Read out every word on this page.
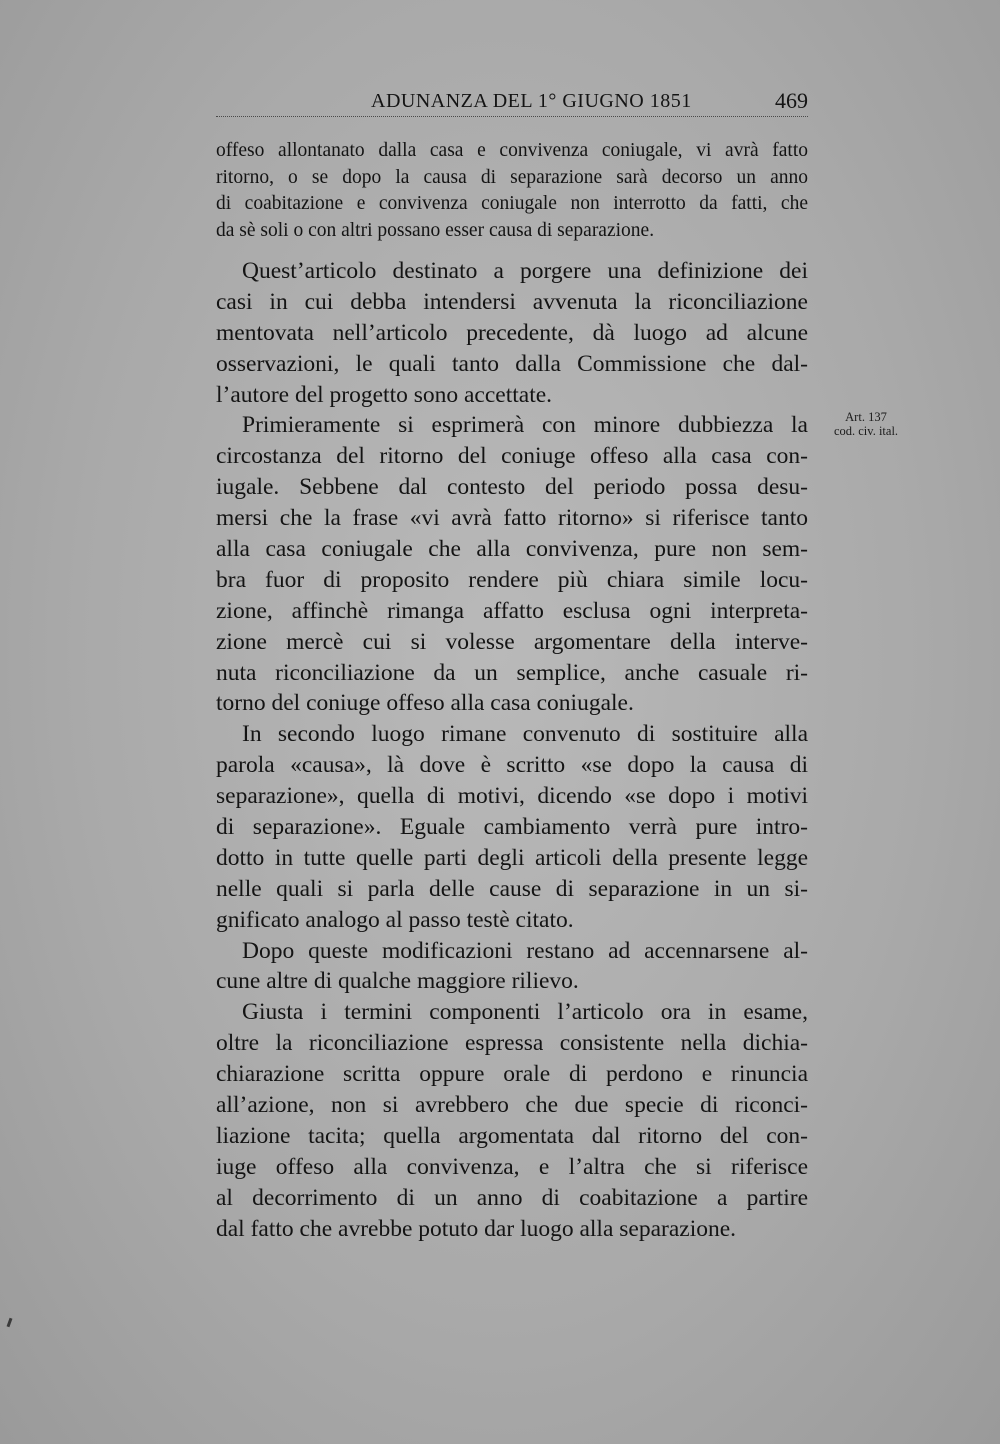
ADUNANZA DEL 1° GIUGNO 1851	469
offeso allontanato dalla casa e convivenza coniugale, vi avrà fatto
ritorno, o se dopo la causa di separazione sarà decorso un anno
di coabitazione e convivenza coniugale non interrotto da fatti, che
da sè soli o con altri possano esser causa di separazione.
Art. 137
cod. civ. ital.
Quest’articolo destinato a porgere una definizione dei
casi in cui debba intendersi avvenuta la riconciliazione
mentovata nell’articolo precedente, dà luogo ad alcune
osservazioni, le quali tanto dalla Commissione che dal-
l’autore del progetto sono accettate.
Primieramente si esprimerà con minore dubbiezza la
circostanza del ritorno del coniuge offeso alla casa con-
iugale. Sebbene dal contesto del periodo possa desu-
mersi che la frase «vi avrà fatto ritorno» si riferisce tanto
alla casa coniugale che alla convivenza, pure non sem-
bra fuor di proposito rendere più chiara simile locu-
zione, affinchè rimanga affatto esclusa ogni interpreta-
zione mercè cui si volesse argomentare della interve-
nuta riconciliazione da un semplice, anche casuale ri-
torno del coniuge offeso alla casa coniugale.
In secondo luogo rimane convenuto di sostituire alla
parola «causa», là dove è scritto «se dopo la causa di
separazione», quella di motivi, dicendo «se dopo i motivi
di separazione». Eguale cambiamento verrà pure intro-
dotto in tutte quelle parti degli articoli della presente legge
nelle quali si parla delle cause di separazione in un si-
gnificato analogo al passo testè citato.
Dopo queste modificazioni restano ad accennarsene al-
cune altre di qualche maggiore rilievo.
Giusta i termini componenti l’articolo ora in esame,
oltre la riconciliazione espressa consistente nella dichia-
chiarazione scritta oppure orale di perdono e rinuncia
all’azione, non si avrebbero che due specie di riconci-
liazione tacita; quella argomentata dal ritorno del con-
iuge offeso alla convivenza, e l’altra che si riferisce
al decorrimento di un anno di coabitazione a partire
dal fatto che avrebbe potuto dar luogo alla separazione.
